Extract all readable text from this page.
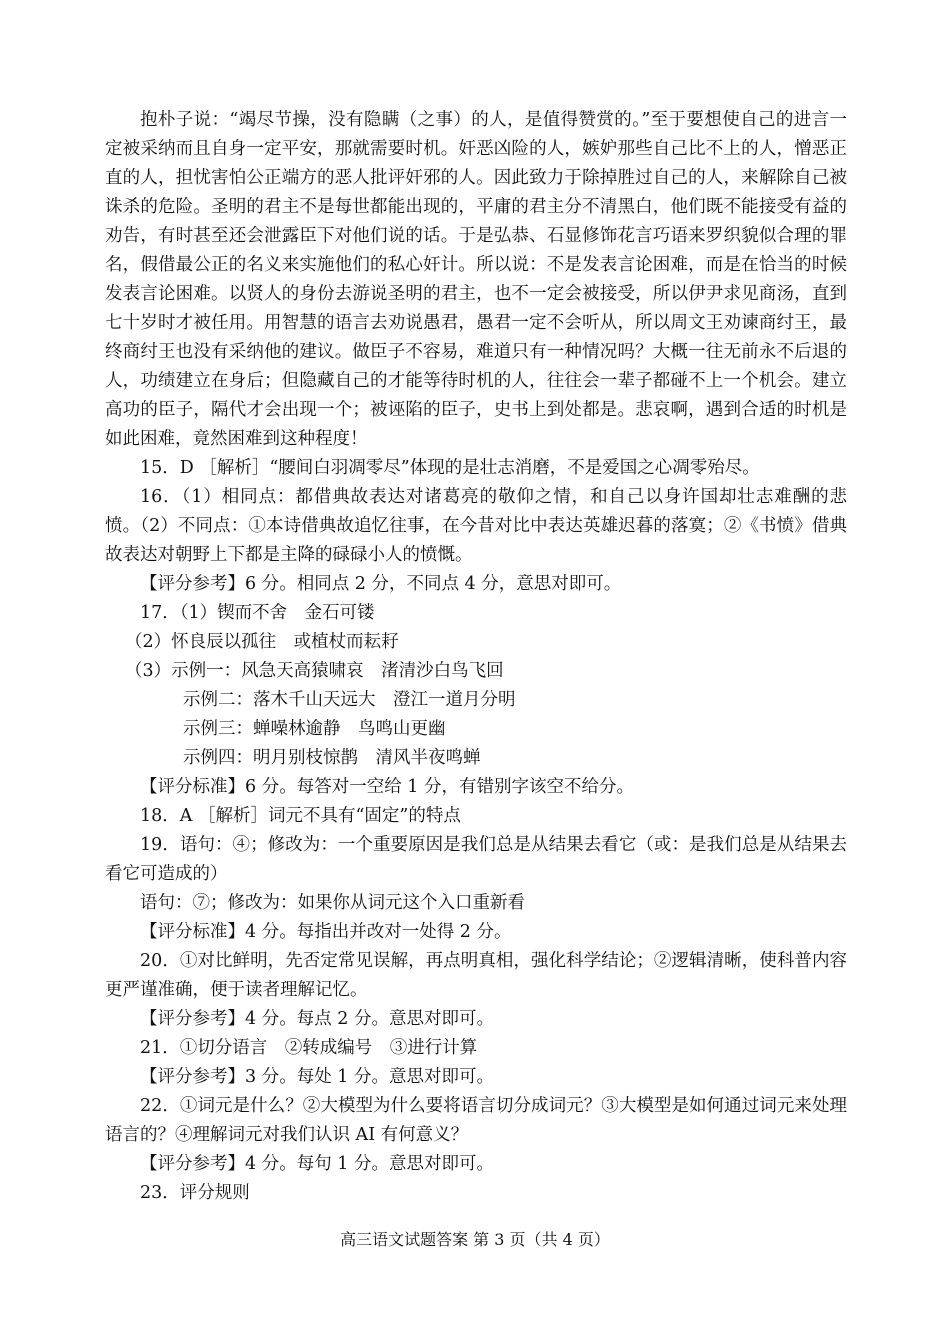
抱朴子说：“竭尽节操，没有隐瞒（之事）的人，是值得赞赏的。”至于要想使自己的进言一定被采纳而且自身一定平安，那就需要时机。奸恶凶险的人，嫉妒那些自己比不上的人，憎恶正直的人，担忧害怕公正端方的恶人批评奸邪的人。因此致力于除掉胜过自己的人，来解除自己被诛杀的危险。圣明的君主不是每世都能出现的，平庸的君主分不清黑白，他们既不能接受有益的劝告，有时甚至还会泄露臣下对他们说的话。于是弘恭、石显修饰花言巧语来罗织貌似合理的罪名，假借最公正的名义来实施他们的私心奸计。所以说：不是发表言论困难，而是在恰当的时候发表言论困难。以贤人的身份去游说圣明的君主，也不一定会被接受，所以伊尹求见商汤，直到七十岁时才被任用。用智慧的语言去劝说愚君，愚君一定不会听从，所以周文王劝谏商纣王，最终商纣王也没有采纳他的建议。做臣子不容易，难道只有一种情况吗？大概一往无前永不后退的人，功绩建立在身后；但隐藏自己的才能等待时机的人，往往会一辈子都碰不上一个机会。建立高功的臣子，隔代才会出现一个；被诬陷的臣子，史书上到处都是。悲哀啊，遇到合适的时机是如此困难，竟然困难到这种程度！

15．D ［解析］“腰间白羽凋零尽”体现的是壮志消磨，不是爱国之心凋零殆尽。

16．（1）相同点：都借典故表达对诸葛亮的敬仰之情，和自己以身许国却壮志难酬的悲愤。（2）不同点：①本诗借典故追忆往事，在今昔对比中表达英雄迟暮的落寞；②《书愤》借典故表达对朝野上下都是主降的碌碌小人的愤慨。

【评分参考】6 分。相同点 2 分，不同点 4 分，意思对即可。

17．（1）锲而不舍　金石可镂

（2）怀良辰以孤往　或植杖而耘耔

（3）示例一：风急天高猿啸哀　渚清沙白鸟飞回

示例二：落木千山天远大　澄江一道月分明

示例三：蝉噪林逾静　鸟鸣山更幽

示例四：明月别枝惊鹊　清风半夜鸣蝉

【评分标准】6 分。每答对一空给 1 分，有错别字该空不给分。

18．A ［解析］词元不具有“固定”的特点

19．语句：④；修改为：一个重要原因是我们总是从结果去看它（或：是我们总是从结果去看它可造成的）

语句：⑦；修改为：如果你从词元这个入口重新看

【评分标准】4 分。每指出并改对一处得 2 分。

20．①对比鲜明，先否定常见误解，再点明真相，强化科学结论；②逻辑清晰，使科普内容更严谨准确，便于读者理解记忆。

【评分参考】4 分。每点 2 分。意思对即可。

21．①切分语言　②转成编号　③进行计算

【评分参考】3 分。每处 1 分。意思对即可。

22．①词元是什么？②大模型为什么要将语言切分成词元？③大模型是如何通过词元来处理语言的？④理解词元对我们认识 AI 有何意义？

【评分参考】4 分。每句 1 分。意思对即可。

23．评分规则

高三语文试题答案 第 3 页（共 4 页）
